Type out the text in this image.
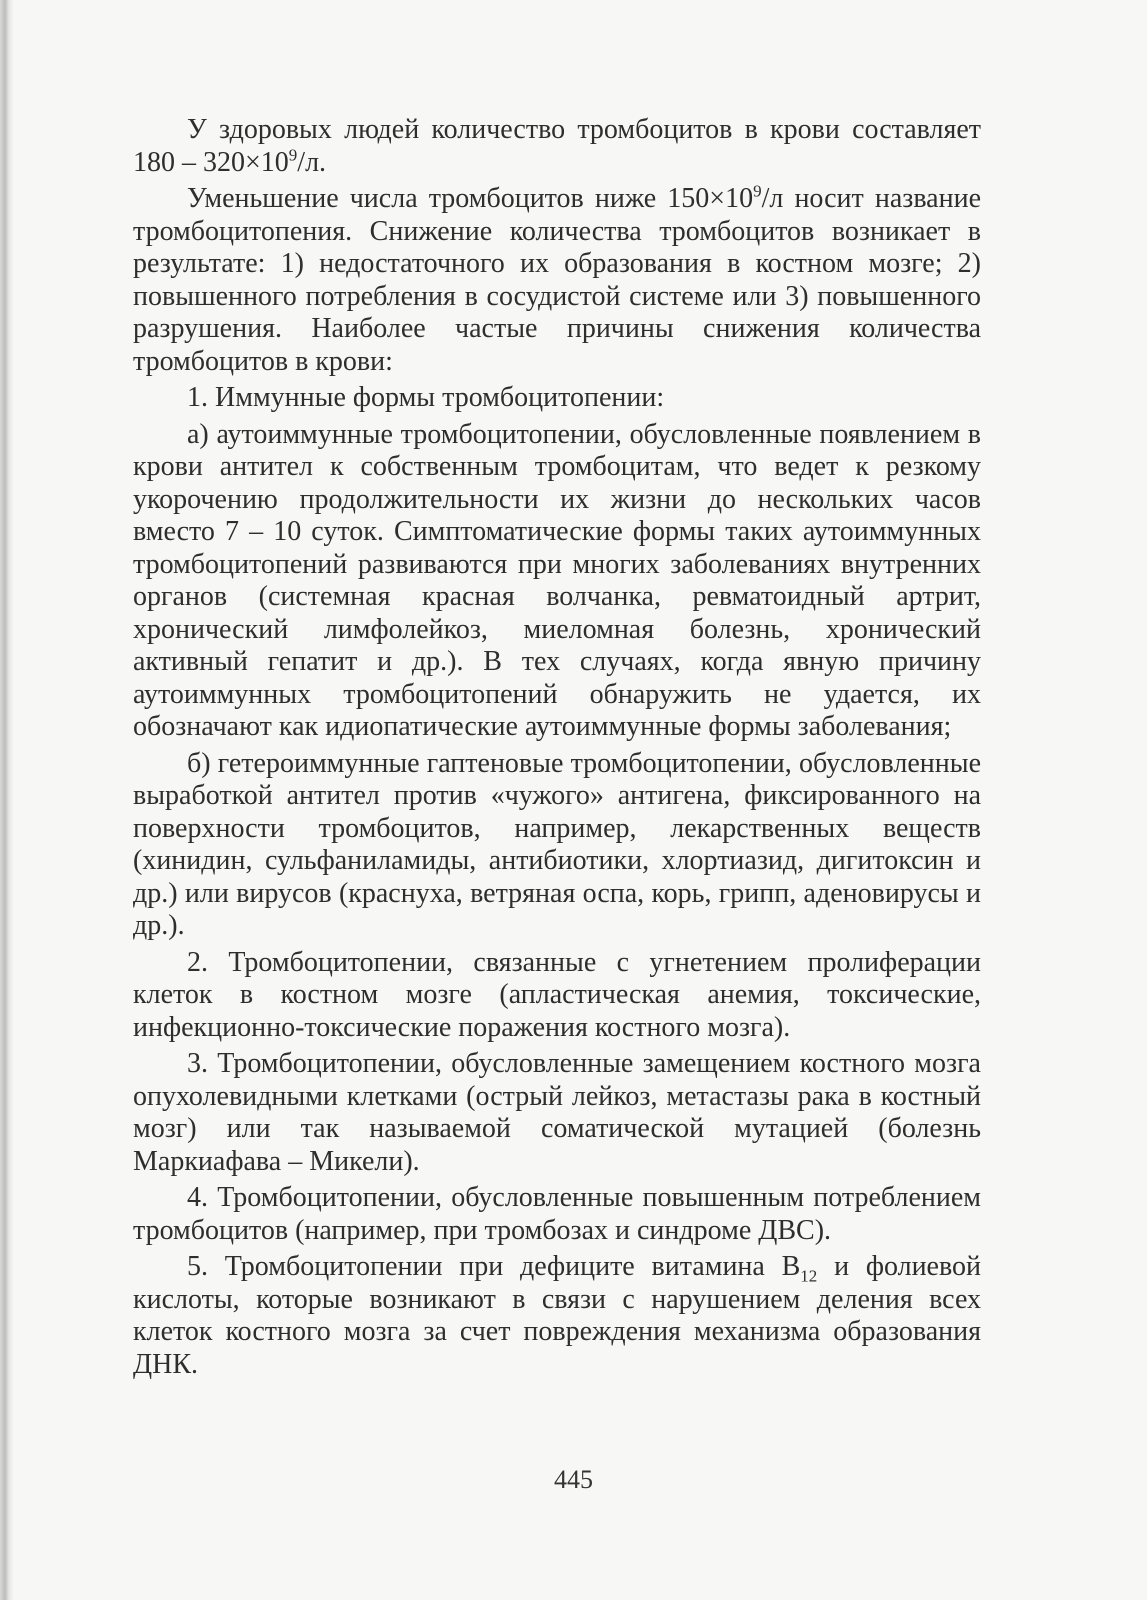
У здоровых людей количество тромбоцитов в крови составляет $180 - 320\times 10^9/л$.

Уменьшение числа тромбоцитов ниже $150\times 10^9/л$ носит название тромбоцитопения. Снижение количества тромбоцитов возникает в результате: 1) недостаточного их образования в костном мозге; 2) повышенного потребления в сосудистой системе или 3) повышенного разрушения. Наиболее частые причины снижения количества тромбоцитов в крови:

1. Иммунные формы тромбоцитопении:

а) аутоиммунные тромбоцитопении, обусловленные появлением в крови антител к собственным тромбоцитам, что ведет к резкому укорочению продолжительности их жизни до нескольких часов вместо 7 – 10 суток. Симптоматические формы таких аутоиммунных тромбоцитопений развиваются при многих заболеваниях внутренних органов (системная красная волчанка, ревматоидный артрит, хронический лимфолейкоз, миеломная болезнь, хронический активный гепатит и др.). В тех случаях, когда явную причину аутоиммунных тромбоцитопений обнаружить не удается, их обозначают как идиопатические аутоиммунные формы заболевания;

б) гетероиммунные гаптеновые тромбоцитопении, обусловленные выработкой антител против «чужого» антигена, фиксированного на поверхности тромбоцитов, например, лекарственных веществ (хинидин, сульфаниламиды, антибиотики, хлортиазид, дигитоксин и др.) или вирусов (краснуха, ветряная оспа, корь, грипп, аденовирусы и др.).

2. Тромбоцитопении, связанные с угнетением пролиферации клеток в костном мозге (апластическая анемия, токсические, инфекционно-токсические поражения костного мозга).

3. Тромбоцитопении, обусловленные замещением костного мозга опухолевидными клетками (острый лейкоз, метастазы рака в костный мозг) или так называемой соматической мутацией (болезнь Маркиафава – Микели).

4. Тромбоцитопении, обусловленные повышенным потреблением тромбоцитов (например, при тромбозах и синдроме ДВС).

5. Тромбоцитопении при дефиците витамина $В_{12}$ и фолиевой кислоты, которые возникают в связи с нарушением деления всех клеток костного мозга за счет повреждения механизма образования ДНК.

445
